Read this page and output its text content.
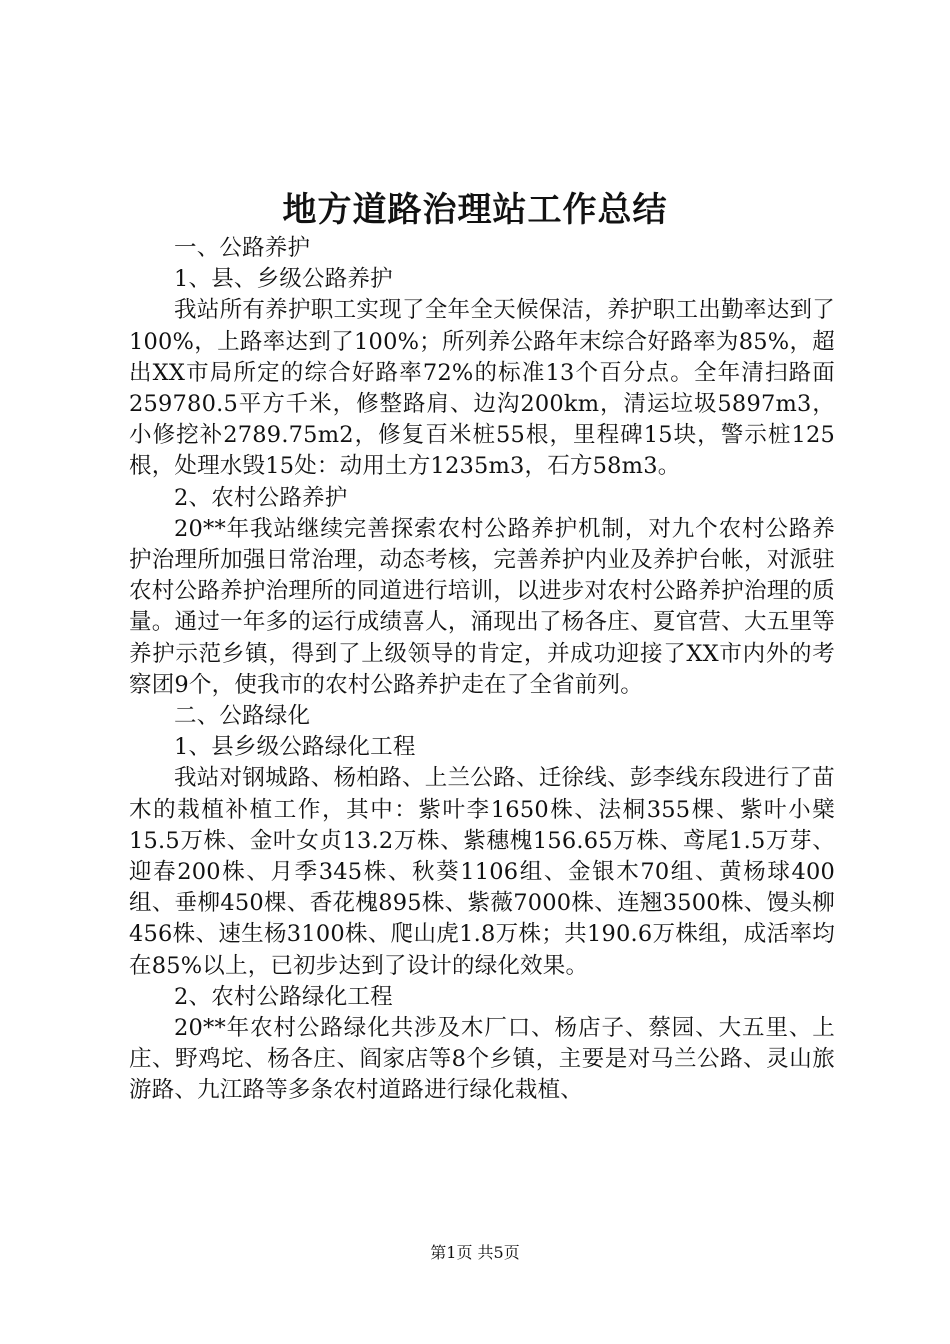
地方道路治理站工作总结

一、公路养护

1、县、乡级公路养护

我站所有养护职工实现了全年全天候保洁，养护职工出勤率达到了100%，上路率达到了100%；所列养公路年末综合好路率为85%，超出XX市局所定的综合好路率72%的标准13个百分点。全年清扫路面259780.5平方千米，修整路肩、边沟200km，清运垃圾5897m3，小修挖补2789.75m2，修复百米桩55根，里程碑15块，警示桩125根，处理水毁15处：动用土方1235m3，石方58m3。

2、农村公路养护

20**年我站继续完善探索农村公路养护机制，对九个农村公路养护治理所加强日常治理，动态考核，完善养护内业及养护台帐，对派驻农村公路养护治理所的同道进行培训，以进步对农村公路养护治理的质量。通过一年多的运行成绩喜人，涌现出了杨各庄、夏官营、大五里等养护示范乡镇，得到了上级领导的肯定，并成功迎接了XX市内外的考察团9个，使我市的农村公路养护走在了全省前列。

二、公路绿化

1、县乡级公路绿化工程

我站对钢城路、杨柏路、上兰公路、迁徐线、彭李线东段进行了苗木的栽植补植工作，其中：紫叶李1650株、法桐355棵、紫叶小檗15.5万株、金叶女贞13.2万株、紫穗槐156.65万株、鸢尾1.5万芽、迎春200株、月季345株、秋葵1106组、金银木70组、黄杨球400组、垂柳450棵、香花槐895株、紫薇7000株、连翘3500株、馒头柳456株、速生杨3100株、爬山虎1.8万株；共190.6万株组，成活率均在85%以上，已初步达到了设计的绿化效果。

2、农村公路绿化工程

20**年农村公路绿化共涉及木厂口、杨店子、蔡园、大五里、上庄、野鸡坨、杨各庄、阎家店等8个乡镇，主要是对马兰公路、灵山旅游路、九江路等多条农村道路进行绿化栽植、

第1页 共5页
